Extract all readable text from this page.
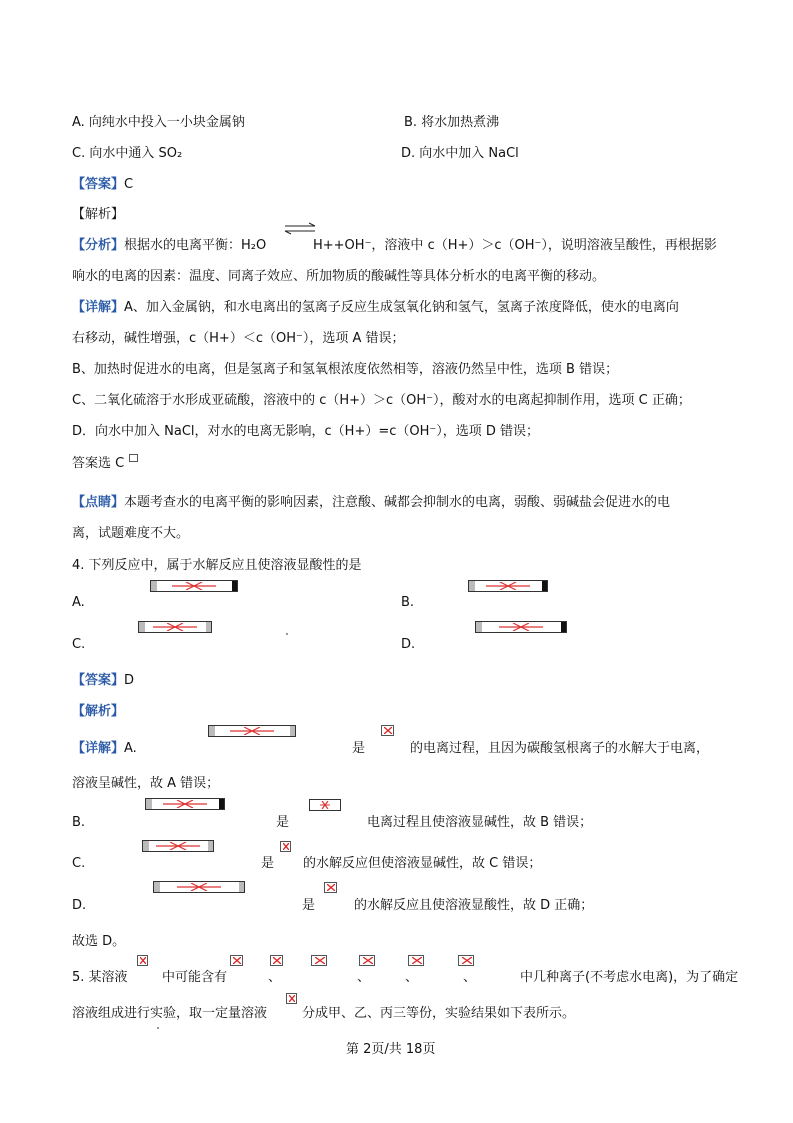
A. 向纯水中投入一小块金属钠	B. 将水加热煮沸
C. 向水中通入 SO₂	D. 向水中加入 NaCl
【答案】C
【解析】
【分析】根据水的电离平衡：H₂O	H++OH⁻，溶液中 c（H+）＞c（OH⁻），说明溶液呈酸性，再根据影
响水的电离的因素：温度、同离子效应、所加物质的酸碱性等具体分析水的电离平衡的移动。
【详解】A、加入金属钠，和水电离出的氢离子反应生成氢氧化钠和氢气，氢离子浓度降低，使水的电离向
右移动，碱性增强，c（H+）＜c（OH⁻），选项 A 错误；
B、加热时促进水的电离，但是氢离子和氢氧根浓度依然相等，溶液仍然呈中性，选项 B 错误；
C、二氧化硫溶于水形成亚硫酸，溶液中的 c（H+）＞c（OH⁻），酸对水的电离起抑制作用，选项 C 正确；
D．向水中加入 NaCl，对水的电离无影响，c（H+）=c（OH⁻），选项 D 错误；
答案选 C
【点睛】本题考查水的电离平衡的影响因素，注意酸、碱都会抑制水的电离，弱酸、弱碱盐会促进水的电
离，试题难度不大。
4. 下列反应中，属于水解反应且使溶液显酸性的是
A.	B.
C.	D.
【答案】D
【解析】
【详解】A.	是	的电离过程，且因为碳酸氢根离子的水解大于电离，
溶液呈碱性，故 A 错误；
B.	是	电离过程且使溶液显碱性，故 B 错误；
C.	是 的水解反应但使溶液显碱性，故 C 错误；
D.	是	的水解反应且使溶液显酸性，故 D 正确；
故选 D。
5. 某溶液	中可能含有	、	、	、	、	中几种离子(不考虑水电离)，为了确定
溶液组成进行实验，取一定量溶液	分成甲、乙、丙三等份，实验结果如下表所示。
第 2页/共 18页
